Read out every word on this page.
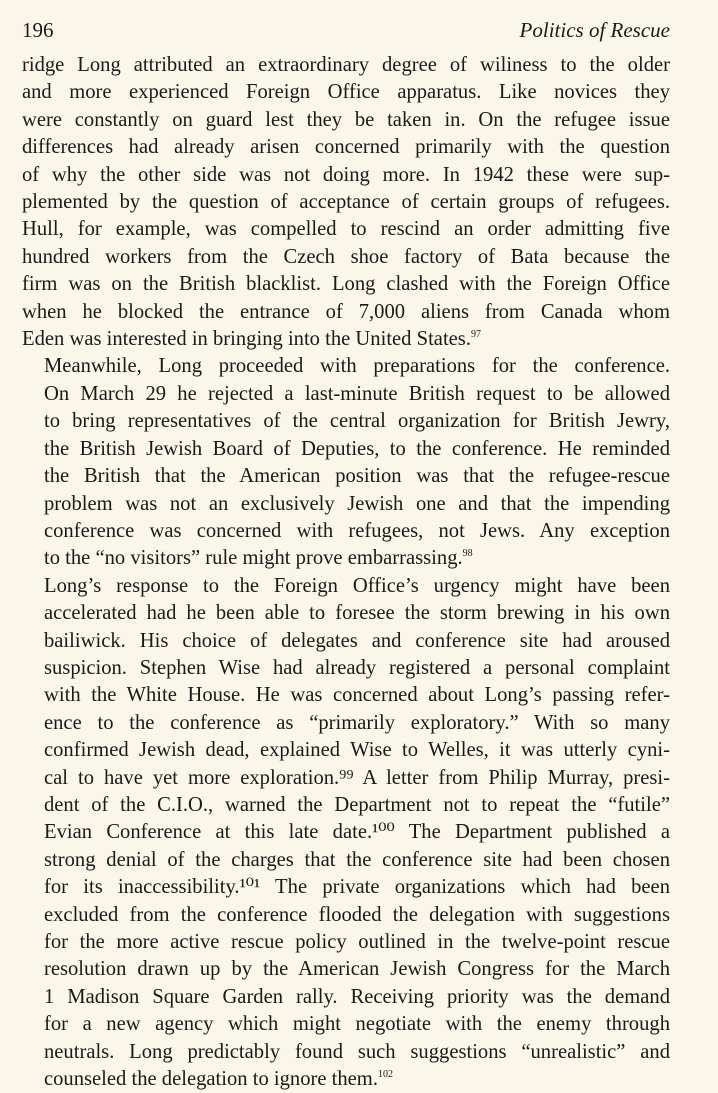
196	Politics of Rescue

ridge Long attributed an extraordinary degree of wiliness to the older
and more experienced Foreign Office apparatus. Like novices they
were constantly on guard lest they be taken in. On the refugee issue
differences had already arisen concerned primarily with the question
of why the other side was not doing more. In 1942 these were sup-
plemented by the question of acceptance of certain groups of refugees.
Hull, for example, was compelled to rescind an order admitting five
hundred workers from the Czech shoe factory of Bata because the
firm was on the British blacklist. Long clashed with the Foreign Office
when he blocked the entrance of 7,000 aliens from Canada whom
Eden was interested in bringing into the United States.$^{97}$

Meanwhile, Long proceeded with preparations for the conference.
On March 29 he rejected a last-minute British request to be allowed
to bring representatives of the central organization for British Jewry,
the British Jewish Board of Deputies, to the conference. He reminded
the British that the American position was that the refugee-rescue
problem was not an exclusively Jewish one and that the impending
conference was concerned with refugees, not Jews. Any exception
to the “no visitors” rule might prove embarrassing.$^{98}$

Long’s response to the Foreign Office’s urgency might have been
accelerated had he been able to foresee the storm brewing in his own
bailiwick. His choice of delegates and conference site had aroused
suspicion. Stephen Wise had already registered a personal complaint
with the White House. He was concerned about Long’s passing refer-
ence to the conference as “primarily exploratory.” With so many
confirmed Jewish dead, explained Wise to Welles, it was utterly cyni-
cal to have yet more exploration.⁹⁹ A letter from Philip Murray, presi-
dent of the C.I.O., warned the Department not to repeat the “futile”
Evian Conference at this late date.¹⁰⁰ The Department published a
strong denial of the charges that the conference site had been chosen
for its inaccessibility.¹⁰¹ The private organizations which had been
excluded from the conference flooded the delegation with suggestions
for the more active rescue policy outlined in the twelve-point rescue
resolution drawn up by the American Jewish Congress for the March
1 Madison Square Garden rally. Receiving priority was the demand
for a new agency which might negotiate with the enemy through
neutrals. Long predictably found such suggestions “unrealistic” and
counseled the delegation to ignore them.$^{102}$
